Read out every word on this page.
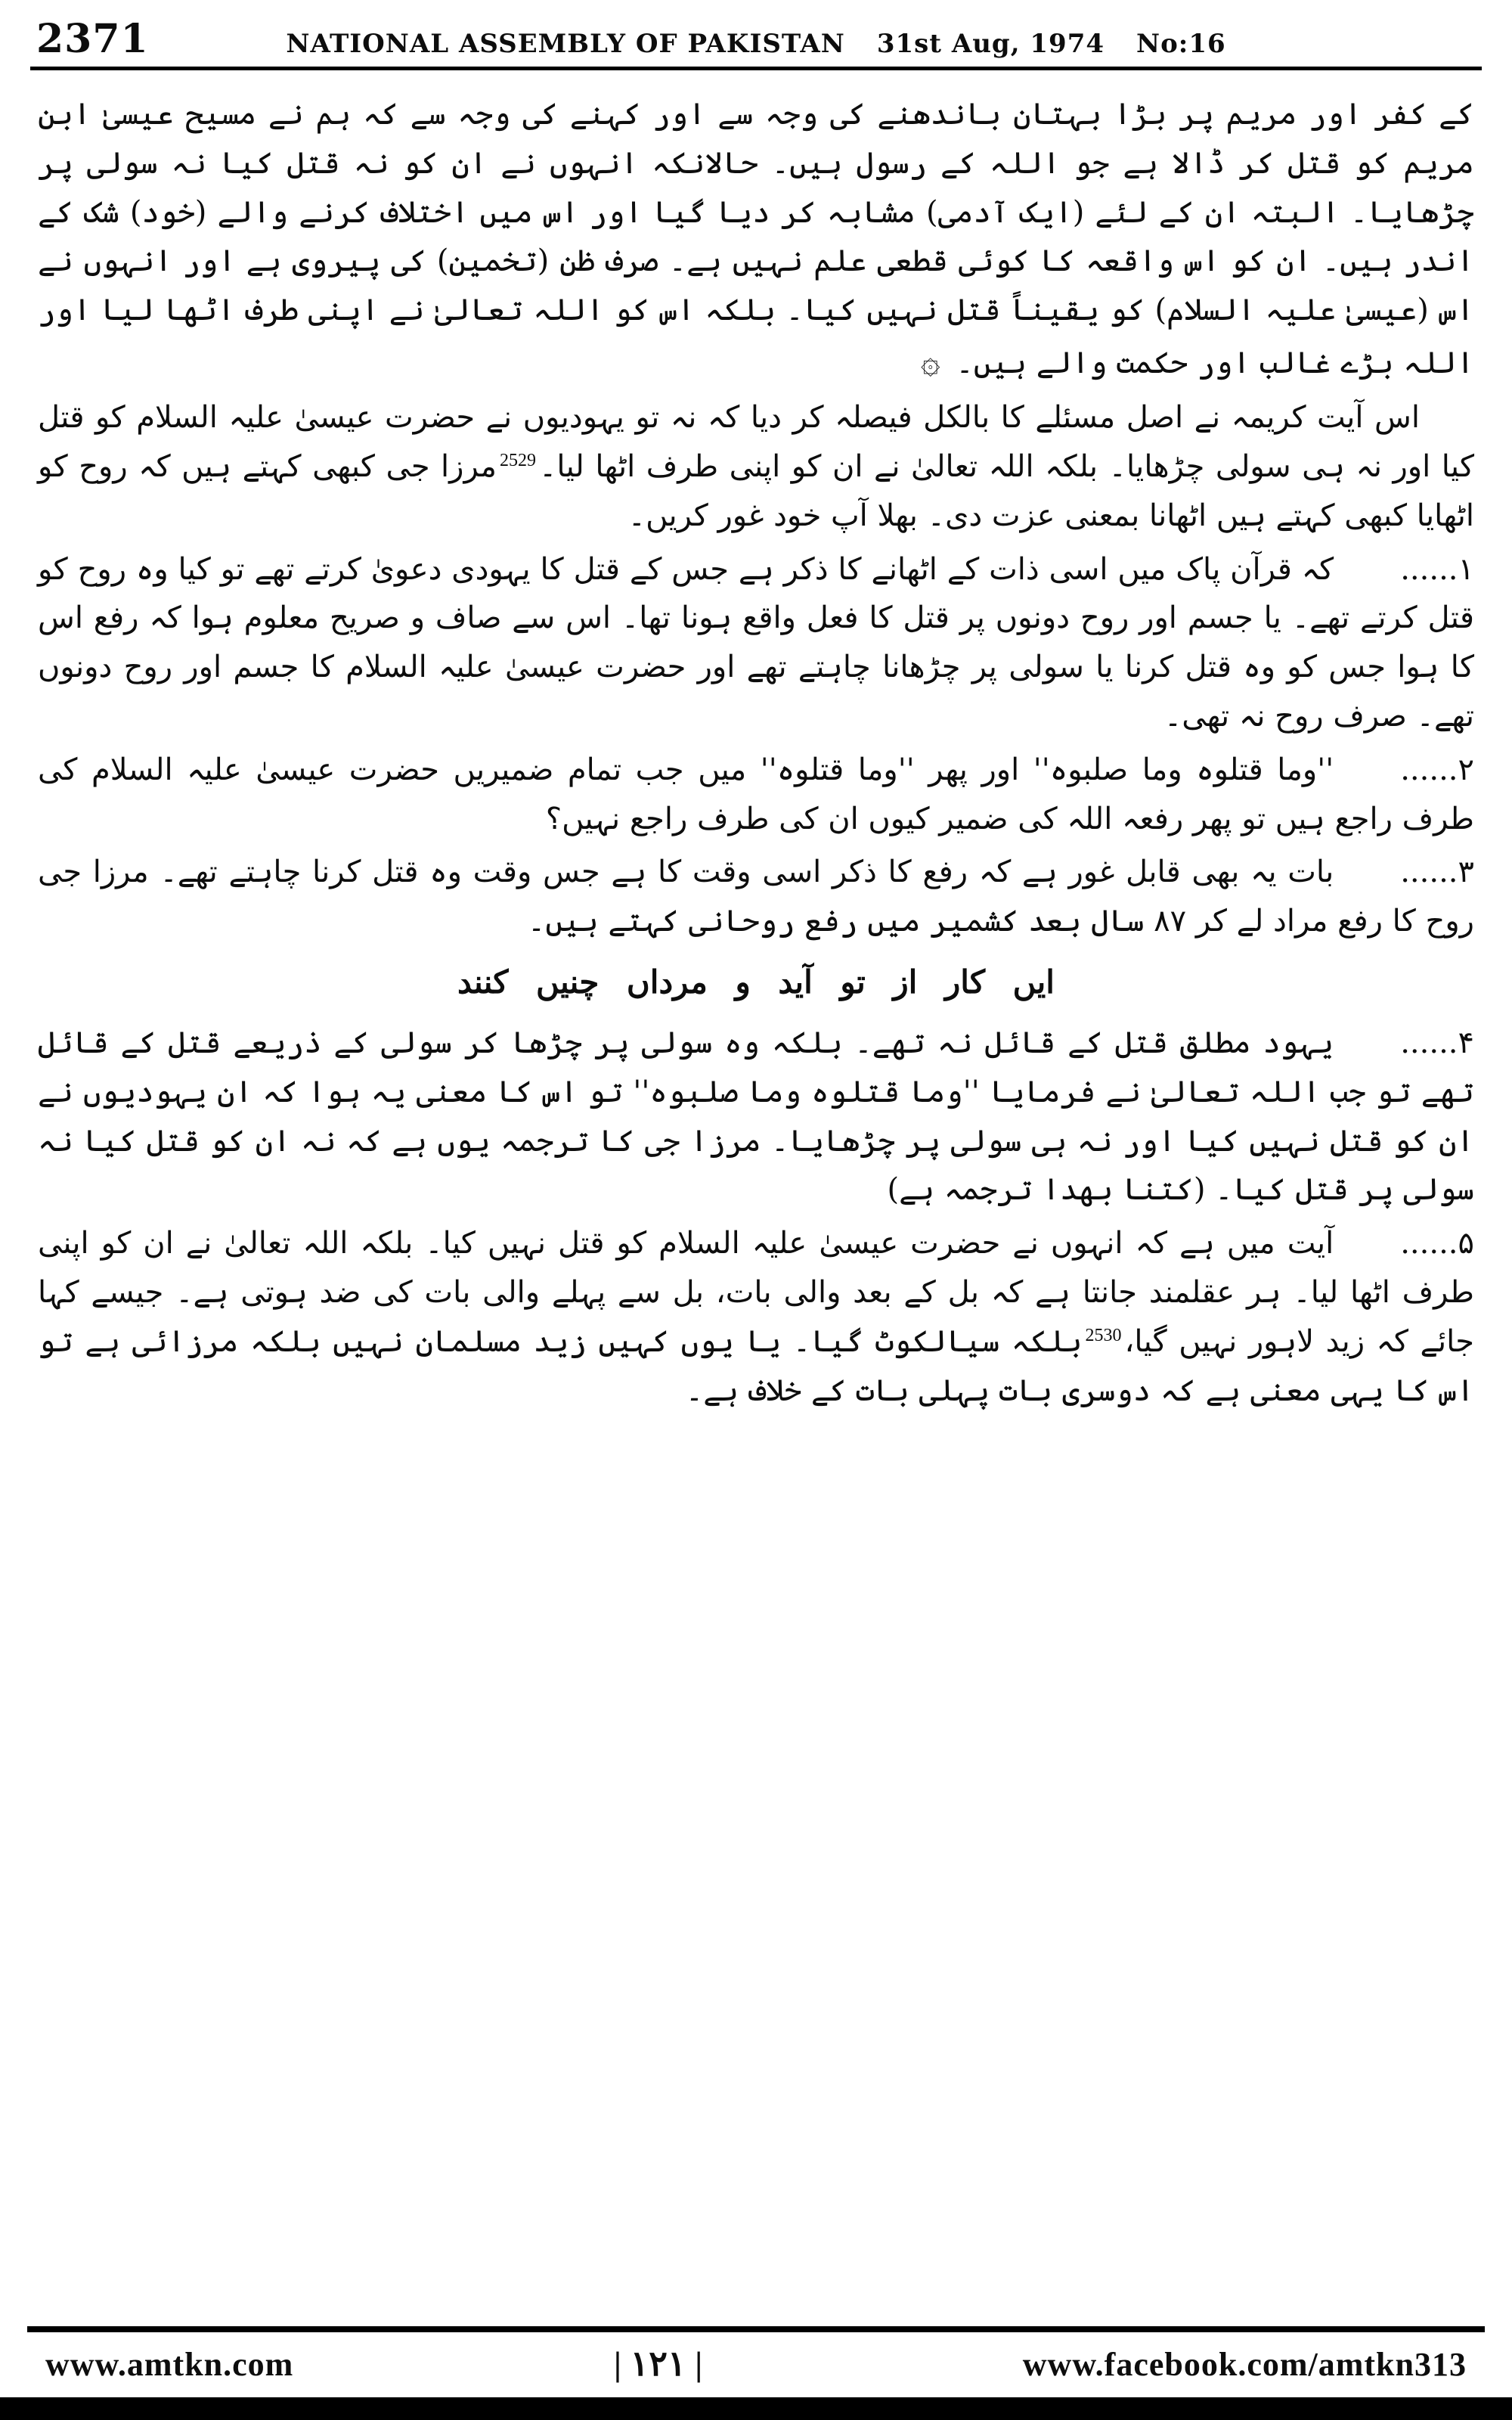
2371	NATIONAL ASSEMBLY OF PAKISTAN 31st Aug, 1974 No:16

کے کفر اور مریم پر بڑا بہتان باندھنے کی وجہ سے اور کہنے کی وجہ سے کہ ہم نے مسیح عیسیٰ ابن مریم کو قتل کر ڈالا ہے جو اللہ کے رسول ہیں۔ حالانکہ انہوں نے ان کو نہ قتل کیا نہ سولی پر چڑھایا۔ البتہ ان کے لئے (ایک آدمی) مشابہ کر دیا گیا اور اس میں اختلاف کرنے والے (خود) شک کے اندر ہیں۔ ان کو اس واقعہ کا کوئی قطعی علم نہیں ہے۔ صرف ظن (تخمین) کی پیروی ہے اور انہوں نے اس (عیسیٰ علیہ السلام) کو یقیناً قتل نہیں کیا۔ بلکہ اس کو اللہ تعالیٰ نے اپنی طرف اٹھا لیا اور اللہ بڑے غالب اور حکمت والے ہیں۔ ۞

اس آیت کریمہ نے اصل مسئلے کا بالکل فیصلہ کر دیا کہ نہ تو یہودیوں نے حضرت عیسیٰ علیہ السلام کو قتل کیا اور نہ ہی سولی چڑھایا۔ بلکہ اللہ تعالیٰ نے ان کو اپنی طرف اٹھا لیا۔$^{2529}$مرزا جی کبھی کہتے ہیں کہ روح کو اٹھایا کبھی کہتے ہیں اٹھانا بمعنی عزت دی۔ بھلا آپ خود غور کریں۔

۱......کہ قرآن پاک میں اسی ذات کے اٹھانے کا ذکر ہے جس کے قتل کا یہودی دعویٰ کرتے تھے تو کیا وہ روح کو قتل کرتے تھے۔ یا جسم اور روح دونوں پر قتل کا فعل واقع ہونا تھا۔ اس سے صاف و صریح معلوم ہوا کہ رفع اس کا ہوا جس کو وہ قتل کرنا یا سولی پر چڑھانا چاہتے تھے اور حضرت عیسیٰ علیہ السلام کا جسم اور روح دونوں تھے۔ صرف روح نہ تھی۔

۲......''وما قتلوہ وما صلبوہ'' اور پھر ''وما قتلوہ'' میں جب تمام ضمیریں حضرت عیسیٰ علیہ السلام کی طرف راجع ہیں تو پھر رفعہ اللہ کی ضمیر کیوں ان کی طرف راجع نہیں؟

۳......بات یہ بھی قابل غور ہے کہ رفع کا ذکر اسی وقت کا ہے جس وقت وہ قتل کرنا چاہتے تھے۔ مرزا جی روح کا رفع مراد لے کر ۸۷ سال بعد کشمیر میں رفع روحانی کہتے ہیں۔

ایں کار از تو آید و مرداں چنیں کنند

۴......یہود مطلق قتل کے قائل نہ تھے۔ بلکہ وہ سولی پر چڑھا کر سولی کے ذریعے قتل کے قائل تھے تو جب اللہ تعالیٰ نے فرمایا ''وما قتلوہ وما صلبوہ'' تو اس کا معنی یہ ہوا کہ ان یہودیوں نے ان کو قتل نہیں کیا اور نہ ہی سولی پر چڑھایا۔ مرزا جی کا ترجمہ یوں ہے کہ نہ ان کو قتل کیا نہ سولی پر قتل کیا۔ (کتنا بھدا ترجمہ ہے)

۵......آیت میں ہے کہ انہوں نے حضرت عیسیٰ علیہ السلام کو قتل نہیں کیا۔ بلکہ اللہ تعالیٰ نے ان کو اپنی طرف اٹھا لیا۔ ہر عقلمند جانتا ہے کہ بل کے بعد والی بات، بل سے پہلے والی بات کی ضد ہوتی ہے۔ جیسے کہا جائے کہ زید لاہور نہیں گیا،$^{2530}$بلکہ سیالکوٹ گیا۔ یا یوں کہیں زید مسلمان نہیں بلکہ مرزائی ہے تو اس کا یہی معنی ہے کہ دوسری بات پہلی بات کے خلاف ہے۔

www.amtkn.com	| ۱۲۱ |	www.facebook.com/amtkn313
